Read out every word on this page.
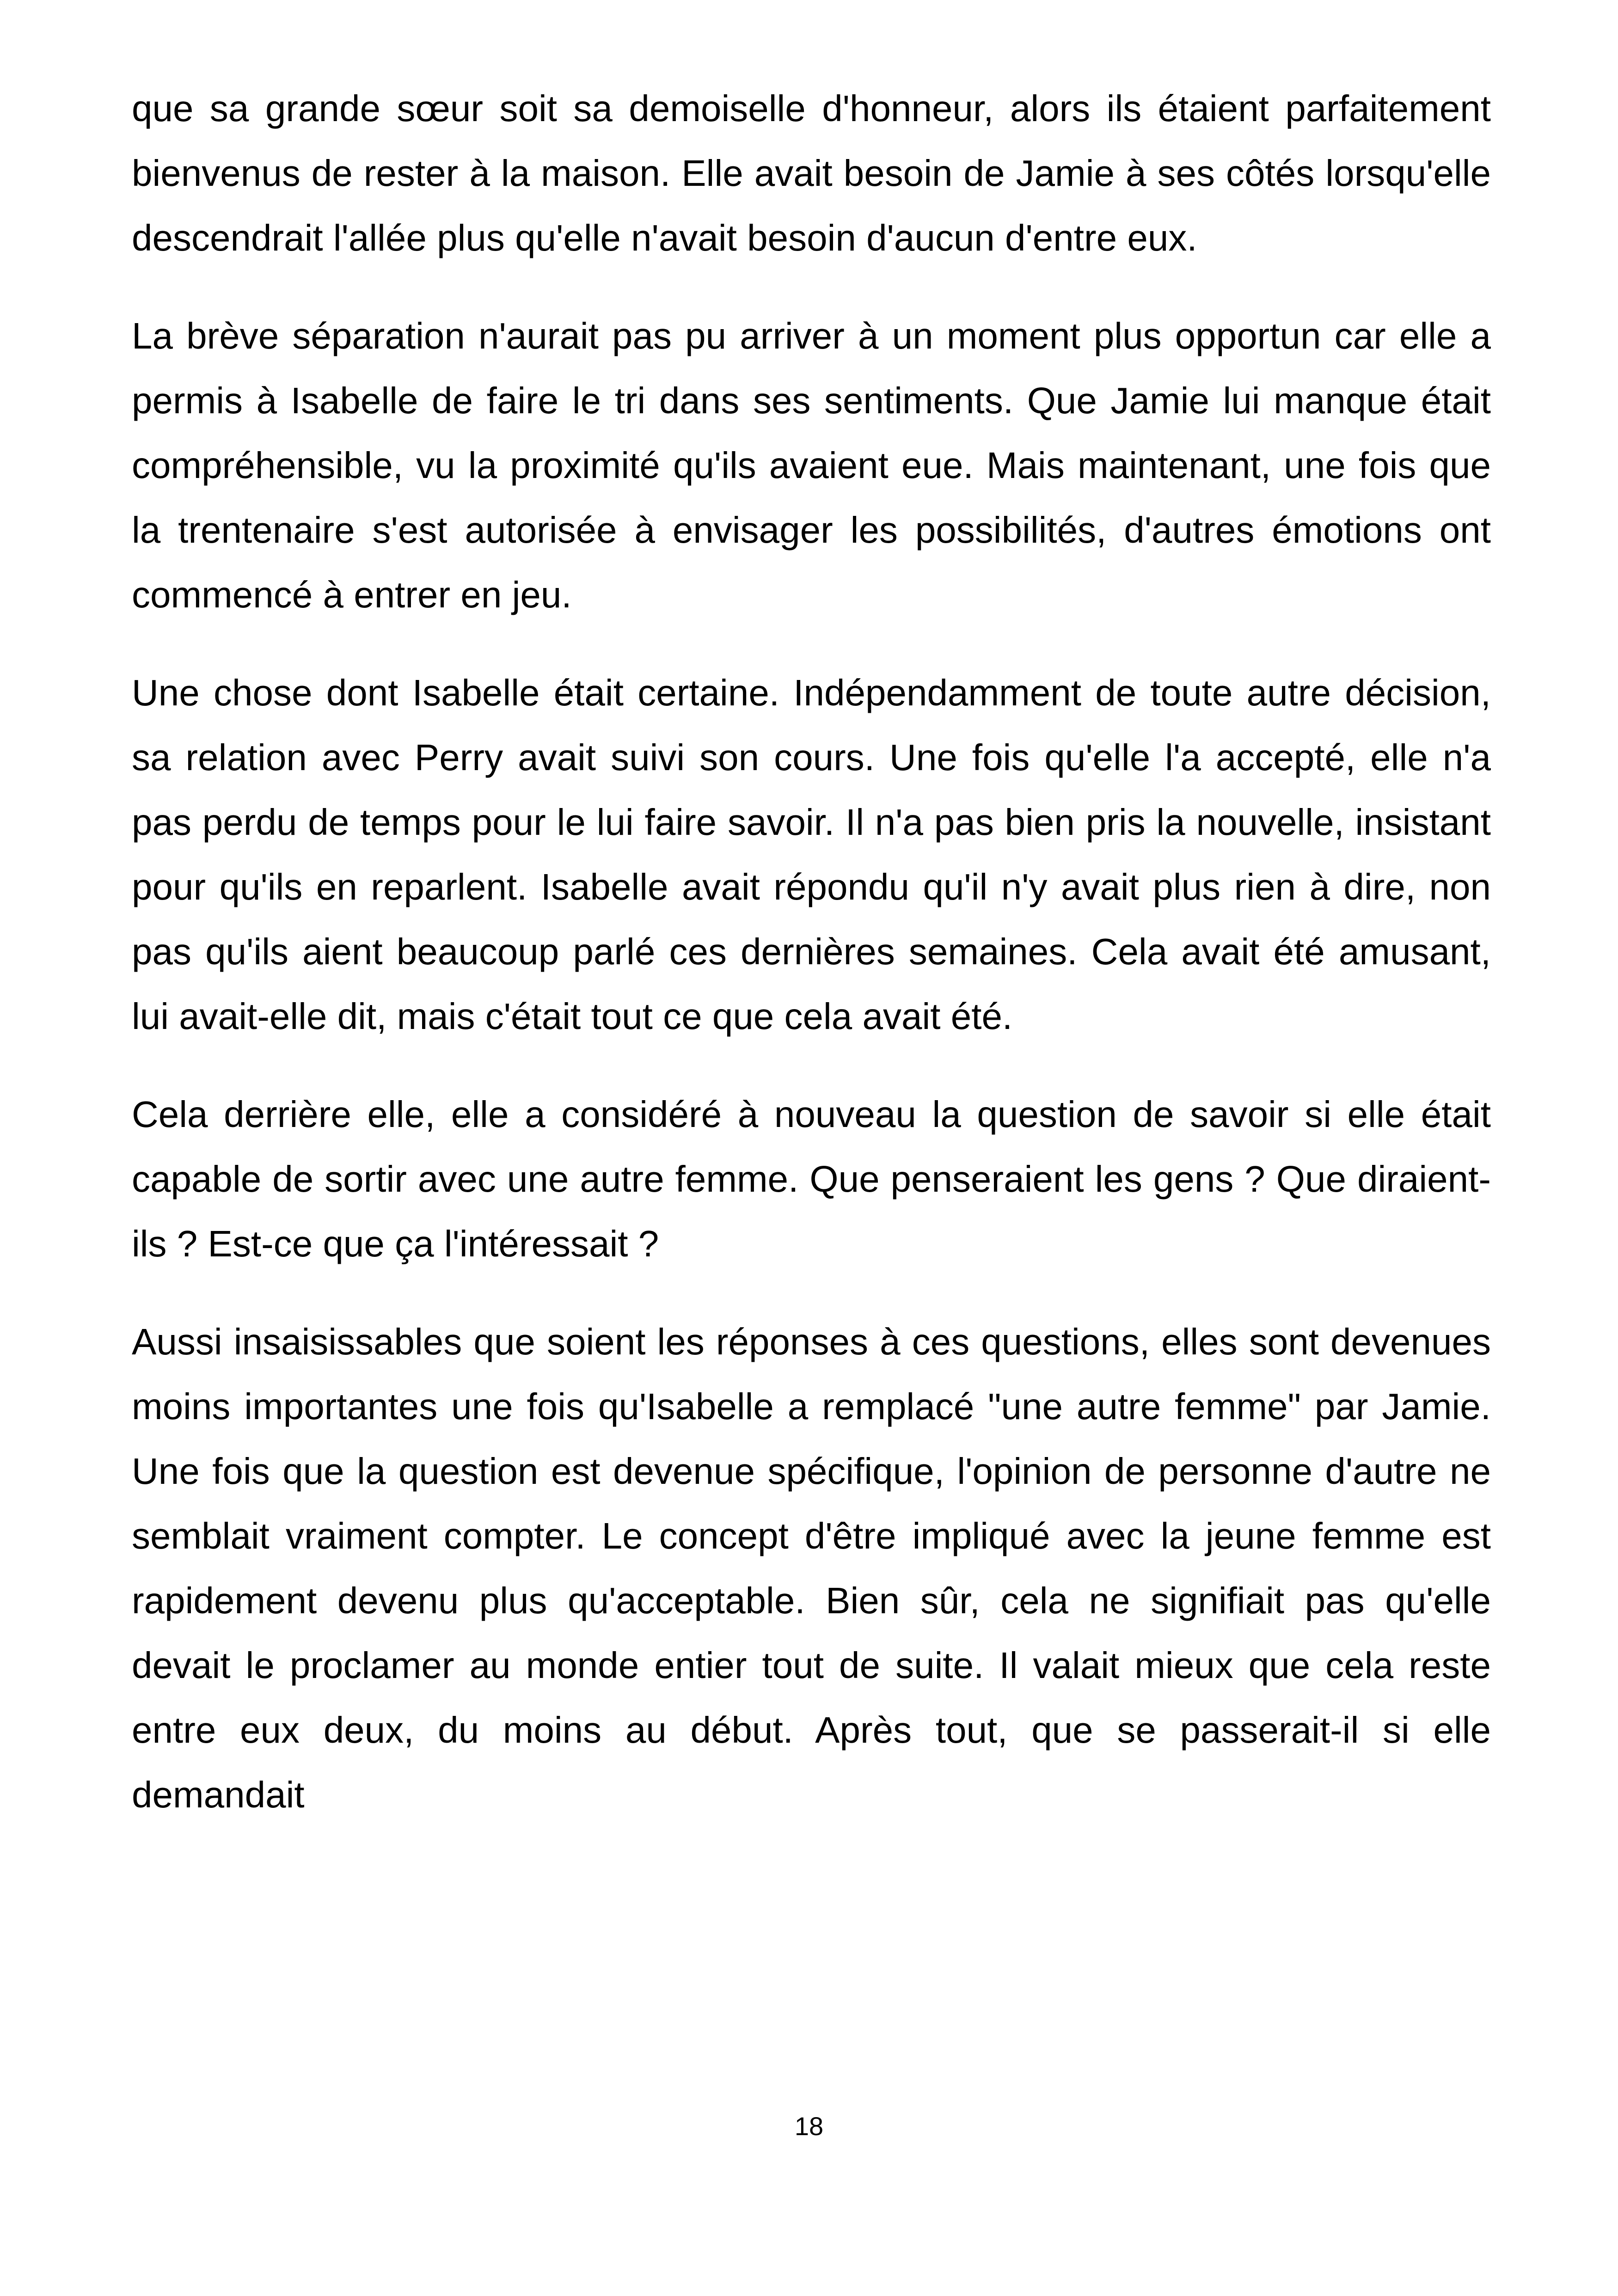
que sa grande sœur soit sa demoiselle d'honneur, alors ils étaient parfaitement bienvenus de rester à la maison. Elle avait besoin de Jamie à ses côtés lorsqu'elle descendrait l'allée plus qu'elle n'avait besoin d'aucun d'entre eux.

La brève séparation n'aurait pas pu arriver à un moment plus opportun car elle a permis à Isabelle de faire le tri dans ses sentiments. Que Jamie lui manque était compréhensible, vu la proximité qu'ils avaient eue. Mais maintenant, une fois que la trentenaire s'est autorisée à envisager les possibilités, d'autres émotions ont commencé à entrer en jeu.

Une chose dont Isabelle était certaine. Indépendamment de toute autre décision, sa relation avec Perry avait suivi son cours. Une fois qu'elle l'a accepté, elle n'a pas perdu de temps pour le lui faire savoir. Il n'a pas bien pris la nouvelle, insistant pour qu'ils en reparlent. Isabelle avait répondu qu'il n'y avait plus rien à dire, non pas qu'ils aient beaucoup parlé ces dernières semaines. Cela avait été amusant, lui avait-elle dit, mais c'était tout ce que cela avait été.

Cela derrière elle, elle a considéré à nouveau la question de savoir si elle était capable de sortir avec une autre femme. Que penseraient les gens ? Que diraient-ils ? Est-ce que ça l'intéressait ?

Aussi insaisissables que soient les réponses à ces questions, elles sont devenues moins importantes une fois qu'Isabelle a remplacé "une autre femme" par Jamie. Une fois que la question est devenue spécifique, l'opinion de personne d'autre ne semblait vraiment compter. Le concept d'être impliqué avec la jeune femme est rapidement devenu plus qu'acceptable. Bien sûr, cela ne signifiait pas qu'elle devait le proclamer au monde entier tout de suite. Il valait mieux que cela reste entre eux deux, du moins au début. Après tout, que se passerait-il si elle demandait

18
